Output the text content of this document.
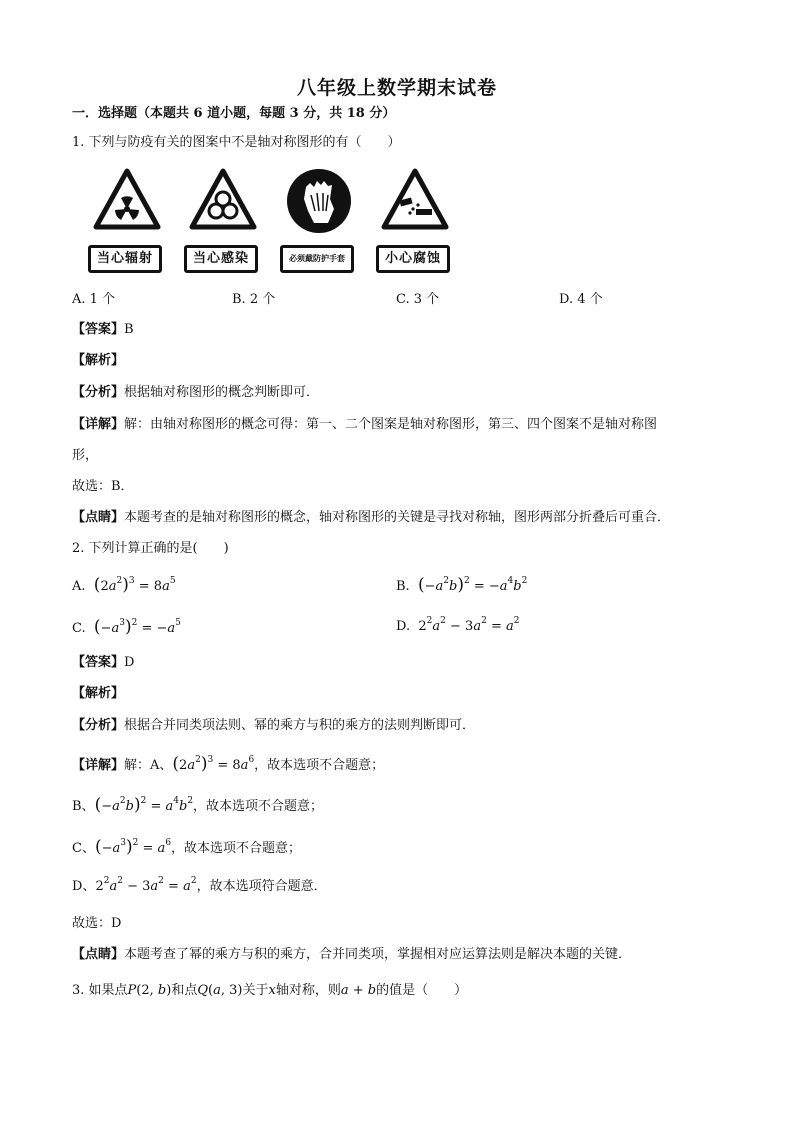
八年级上数学期末试卷
一．选择题（本题共 6 道小题，每题 3 分，共 18 分）
1. 下列与防疫有关的图案中不是轴对称图形的有（　　）
当心辐射	当心感染	必须戴防护手套	小心腐蚀
A. 1 个	B. 2 个	C. 3 个	D. 4 个
【答案】B
【解析】
【分析】根据轴对称图形的概念判断即可．
【详解】解：由轴对称图形的概念可得：第一、二个图案是轴对称图形，第三、四个图案不是轴对称图
形，
故选：B．
【点睛】本题考查的是轴对称图形的概念，轴对称图形的关键是寻找对称轴，图形两部分折叠后可重合．
2. 下列计算正确的是(　　)
A.  $(2a^2)^3 = 8a^5$	B.  $(-a^2b)^2 = -a^4b^2$
C.  $(-a^3)^2 = -a^5$	D.  $2^2a^2 - 3a^2 = a^2$
【答案】D
【解析】
【分析】根据合并同类项法则、幂的乘方与积的乘方的法则判断即可．
【详解】解：A、$(2a^2)^3 = 8a^6$，故本选项不合题意；
B、$(-a^2b)^2 = a^4b^2$，故本选项不合题意；
C、$(-a^3)^2 = a^6$，故本选项不合题意；
D、$2^2a^2 - 3a^2 = a^2$，故本选项符合题意．
故选：D
【点睛】本题考查了幂的乘方与积的乘方，合并同类项，掌握相对应运算法则是解决本题的关键．
3. 如果点P(2, b)和点Q(a, 3)关于x轴对称，则a + b的值是（　　）
